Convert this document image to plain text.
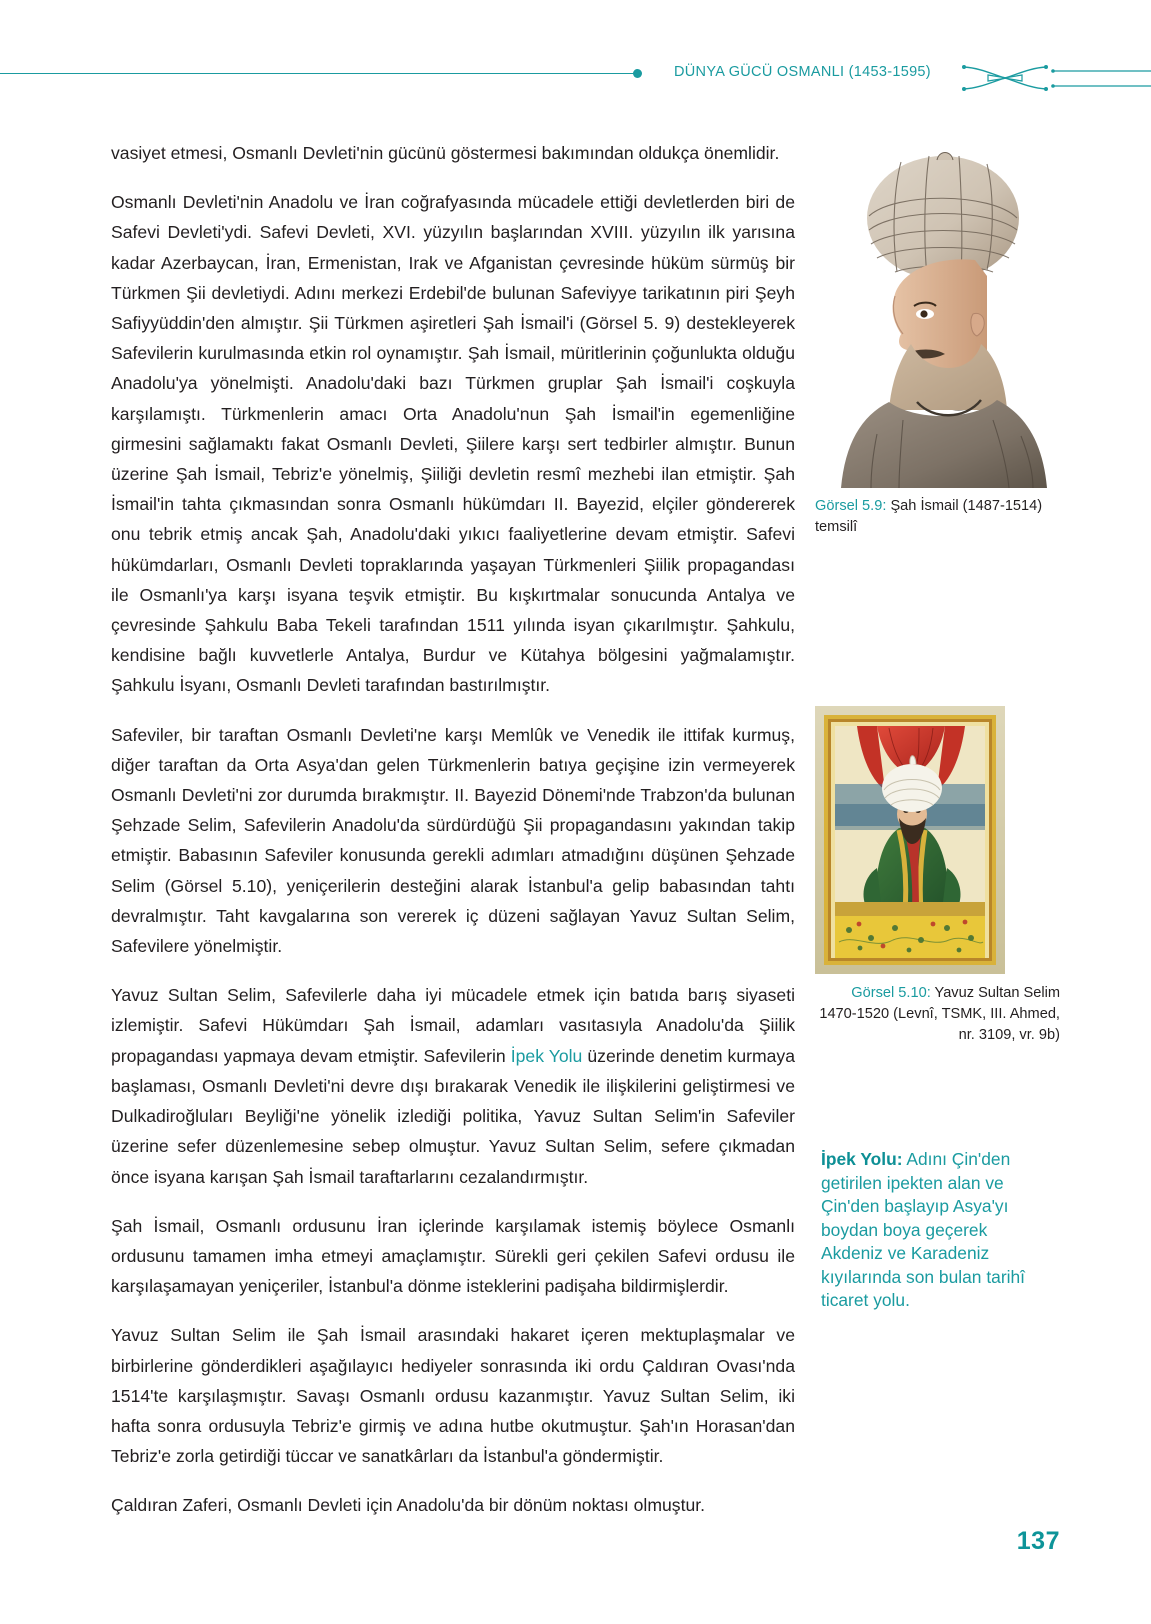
DÜNYA GÜCÜ OSMANLI (1453-1595)

vasiyet etmesi, Osmanlı Devleti'nin gücünü göstermesi bakımından oldukça önemlidir.

Osmanlı Devleti'nin Anadolu ve İran coğrafyasında mücadele ettiği devletlerden biri de Safevi Devleti'ydi. Safevi Devleti, XVI. yüzyılın başlarından XVIII. yüzyılın ilk yarısına kadar Azerbaycan, İran, Ermenistan, Irak ve Afganistan çevresinde hüküm sürmüş bir Türkmen Şii devletiydi. Adını merkezi Erdebil'de bulunan Safeviyye tarikatının piri Şeyh Safiyyüddin'den almıştır. Şii Türkmen aşiretleri Şah İsmail'i (Görsel 5. 9) destekleyerek Safevilerin kurulmasında etkin rol oynamıştır. Şah İsmail, müritlerinin çoğunlukta olduğu Anadolu'ya yönelmişti. Anadolu'daki bazı Türkmen gruplar Şah İsmail'i coşkuyla karşılamıştı. Türkmenlerin amacı Orta Anadolu'nun Şah İsmail'in egemenliğine girmesini sağlamaktı fakat Osmanlı Devleti, Şiilere karşı sert tedbirler almıştır. Bunun üzerine Şah İsmail, Tebriz'e yönelmiş, Şiiliği devletin resmî mezhebi ilan etmiştir. Şah İsmail'in tahta çıkmasından sonra Osmanlı hükümdarı II. Bayezid, elçiler göndererek onu tebrik etmiş ancak Şah, Anadolu'daki yıkıcı faaliyetlerine devam etmiştir. Safevi hükümdarları, Osmanlı Devleti topraklarında yaşayan Türkmenleri Şiilik propagandası ile Osmanlı'ya karşı isyana teşvik etmiştir. Bu kışkırtmalar sonucunda Antalya ve çevresinde Şahkulu Baba Tekeli tarafından 1511 yılında isyan çıkarılmıştır. Şahkulu, kendisine bağlı kuvvetlerle Antalya, Burdur ve Kütahya bölgesini yağmalamıştır. Şahkulu İsyanı, Osmanlı Devleti tarafından bastırılmıştır.

Safeviler, bir taraftan Osmanlı Devleti'ne karşı Memlûk ve Venedik ile ittifak kurmuş, diğer taraftan da Orta Asya'dan gelen Türkmenlerin batıya geçişine izin vermeyerek Osmanlı Devleti'ni zor durumda bırakmıştır. II. Bayezid Dönemi'nde Trabzon'da bulunan Şehzade Selim, Safevilerin Anadolu'da sürdürdüğü Şii propagandasını yakından takip etmiştir. Babasının Safeviler konusunda gerekli adımları atmadığını düşünen Şehzade Selim (Görsel 5.10), yeniçerilerin desteğini alarak İstanbul'a gelip babasından tahtı devralmıştır. Taht kavgalarına son vererek iç düzeni sağlayan Yavuz Sultan Selim, Safevilere yönelmiştir.

Yavuz Sultan Selim, Safevilerle daha iyi mücadele etmek için batıda barış siyaseti izlemiştir. Safevi Hükümdarı Şah İsmail, adamları vasıtasıyla Anadolu'da Şiilik propagandası yapmaya devam etmiştir. Safevilerin İpek Yolu üzerinde denetim kurmaya başlaması, Osmanlı Devleti'ni devre dışı bırakarak Venedik ile ilişkilerini geliştirmesi ve Dulkadiroğluları Beyliği'ne yönelik izlediği politika, Yavuz Sultan Selim'in Safeviler üzerine sefer düzenlemesine sebep olmuştur. Yavuz Sultan Selim, sefere çıkmadan önce isyana karışan Şah İsmail taraftarlarını cezalandırmıştır.

Şah İsmail, Osmanlı ordusunu İran içlerinde karşılamak istemiş böylece Osmanlı ordusunu tamamen imha etmeyi amaçlamıştır. Sürekli geri çekilen Safevi ordusu ile karşılaşamayan yeniçeriler, İstanbul'a dönme isteklerini padişaha bildirmişlerdir.

Yavuz Sultan Selim ile Şah İsmail arasındaki hakaret içeren mektuplaşmalar ve birbirlerine gönderdikleri aşağılayıcı hediyeler sonrasında iki ordu Çaldıran Ovası'nda 1514'te karşılaşmıştır. Savaşı Osmanlı ordusu kazanmıştır. Yavuz Sultan Selim, iki hafta sonra ordusuyla Tebriz'e girmiş ve adına hutbe okutmuştur. Şah'ın Horasan'dan Tebriz'e zorla getirdiği tüccar ve sanatkârları da İstanbul'a göndermiştir.

Çaldıran Zaferi, Osmanlı Devleti için Anadolu'da bir dönüm noktası olmuştur.

Görsel 5.9: Şah İsmail (1487-1514) temsilî
Görsel 5.10: Yavuz Sultan Selim 1470-1520 (Levnî, TSMK, III. Ahmed, nr. 3109, vr. 9b)
İpek Yolu: Adını Çin'den getirilen ipekten alan ve Çin'den başlayıp Asya'yı boydan boya geçerek Akdeniz ve Karadeniz kıyılarında son bulan tarihî ticaret yolu.
137
